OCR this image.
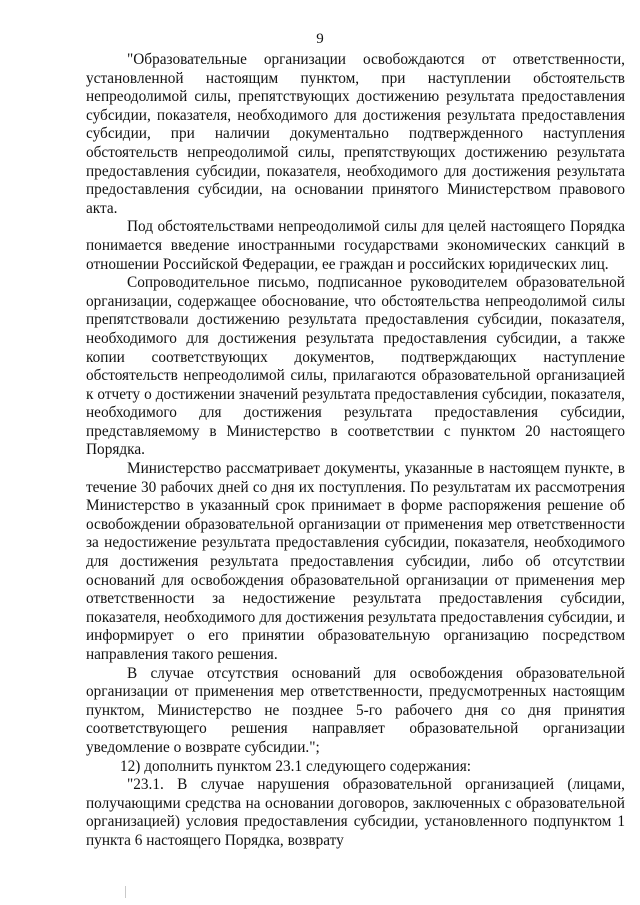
9

"Образовательные организации освобождаются от ответственности, установленной настоящим пунктом, при наступлении обстоятельств непреодолимой силы, препятствующих достижению результата предоставления субсидии, показателя, необходимого для достижения результата предоставления субсидии, при наличии документально подтвержденного наступления обстоятельств непреодолимой силы, препятствующих достижению результата предоставления субсидии, показателя, необходимого для достижения результата предоставления субсидии, на основании принятого Министерством правового акта.

Под обстоятельствами непреодолимой силы для целей настоящего Порядка понимается введение иностранными государствами экономических санкций в отношении Российской Федерации, ее граждан и российских юридических лиц.

Сопроводительное письмо, подписанное руководителем образовательной организации, содержащее обоснование, что обстоятельства непреодолимой силы препятствовали достижению результата предоставления субсидии, показателя, необходимого для достижения результата предоставления субсидии, а также копии соответствующих документов, подтверждающих наступление обстоятельств непреодолимой силы, прилагаются образовательной организацией к отчету о достижении значений результата предоставления субсидии, показателя, необходимого для достижения результата предоставления субсидии, представляемому в Министерство в соответствии с пунктом 20 настоящего Порядка.

Министерство рассматривает документы, указанные в настоящем пункте, в течение 30 рабочих дней со дня их поступления. По результатам их рассмотрения Министерство в указанный срок принимает в форме распоряжения решение об освобождении образовательной организации от применения мер ответственности за недостижение результата предоставления субсидии, показателя, необходимого для достижения результата предоставления субсидии, либо об отсутствии оснований для освобождения образовательной организации от применения мер ответственности за недостижение результата предоставления субсидии, показателя, необходимого для достижения результата предоставления субсидии, и информирует о его принятии образовательную организацию посредством направления такого решения.

В случае отсутствия оснований для освобождения образовательной организации от применения мер ответственности, предусмотренных настоящим пунктом, Министерство не позднее 5-го рабочего дня со дня принятия соответствующего решения направляет образовательной организации уведомление о возврате субсидии.";

12) дополнить пунктом 23.1 следующего содержания:

"23.1. В случае нарушения образовательной организацией (лицами, получающими средства на основании договоров, заключенных с образовательной организацией) условия предоставления субсидии, установленного подпунктом 1 пункта 6 настоящего Порядка, возврату
